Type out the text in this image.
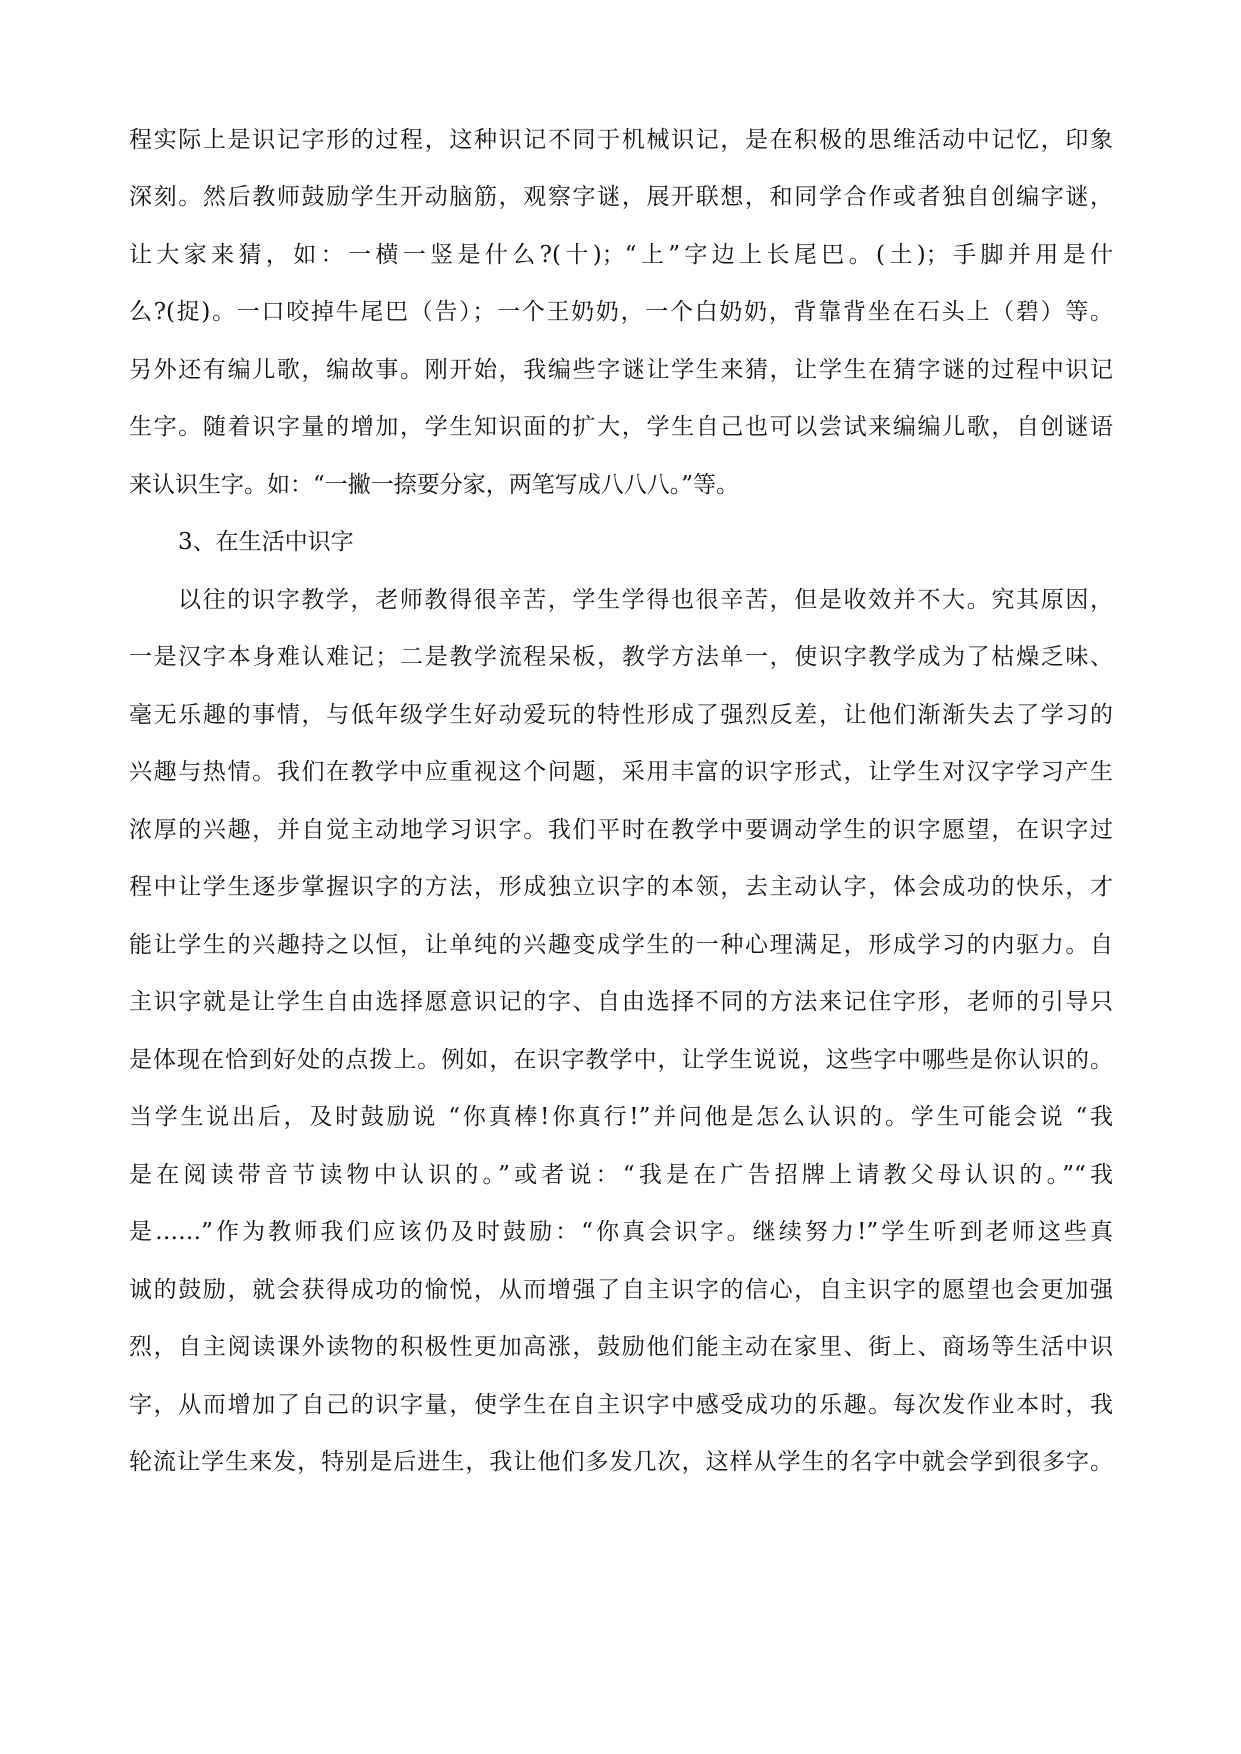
程实际上是识记字形的过程，这种识记不同于机械识记，是在积极的思维活动中记忆，印象
深刻。然后教师鼓励学生开动脑筋，观察字谜，展开联想，和同学合作或者独自创编字谜，
让大家来猜，如：一横一竖是什么?(十)；“上”字边上长尾巴。(土)；手脚并用是什
么?(捉)。一口咬掉牛尾巴（告）；一个王奶奶，一个白奶奶，背靠背坐在石头上（碧）等。
另外还有编儿歌，编故事。刚开始，我编些字谜让学生来猜，让学生在猜字谜的过程中识记
生字。随着识字量的增加，学生知识面的扩大，学生自己也可以尝试来编编儿歌，自创谜语
来认识生字。如：“一撇一捺要分家，两笔写成八八八。”等。
3、在生活中识字
以往的识字教学，老师教得很辛苦，学生学得也很辛苦，但是收效并不大。究其原因，
一是汉字本身难认难记；二是教学流程呆板，教学方法单一，使识字教学成为了枯燥乏味、
毫无乐趣的事情，与低年级学生好动爱玩的特性形成了强烈反差，让他们渐渐失去了学习的
兴趣与热情。我们在教学中应重视这个问题，采用丰富的识字形式，让学生对汉字学习产生
浓厚的兴趣，并自觉主动地学习识字。我们平时在教学中要调动学生的识字愿望，在识字过
程中让学生逐步掌握识字的方法，形成独立识字的本领，去主动认字，体会成功的快乐，才
能让学生的兴趣持之以恒，让单纯的兴趣变成学生的一种心理满足，形成学习的内驱力。自
主识字就是让学生自由选择愿意识记的字、自由选择不同的方法来记住字形，老师的引导只
是体现在恰到好处的点拨上。例如，在识字教学中，让学生说说，这些字中哪些是你认识的。
当学生说出后，及时鼓励说 “你真棒!你真行!”并问他是怎么认识的。学生可能会说 “我
是在阅读带音节读物中认识的。”或者说：“我是在广告招牌上请教父母认识的。”“我
是……”作为教师我们应该仍及时鼓励：“你真会识字。继续努力!”学生听到老师这些真
诚的鼓励，就会获得成功的愉悦，从而增强了自主识字的信心，自主识字的愿望也会更加强
烈，自主阅读课外读物的积极性更加高涨，鼓励他们能主动在家里、街上、商场等生活中识
字，从而增加了自己的识字量，使学生在自主识字中感受成功的乐趣。每次发作业本时，我
轮流让学生来发，特别是后进生，我让他们多发几次，这样从学生的名字中就会学到很多字。
